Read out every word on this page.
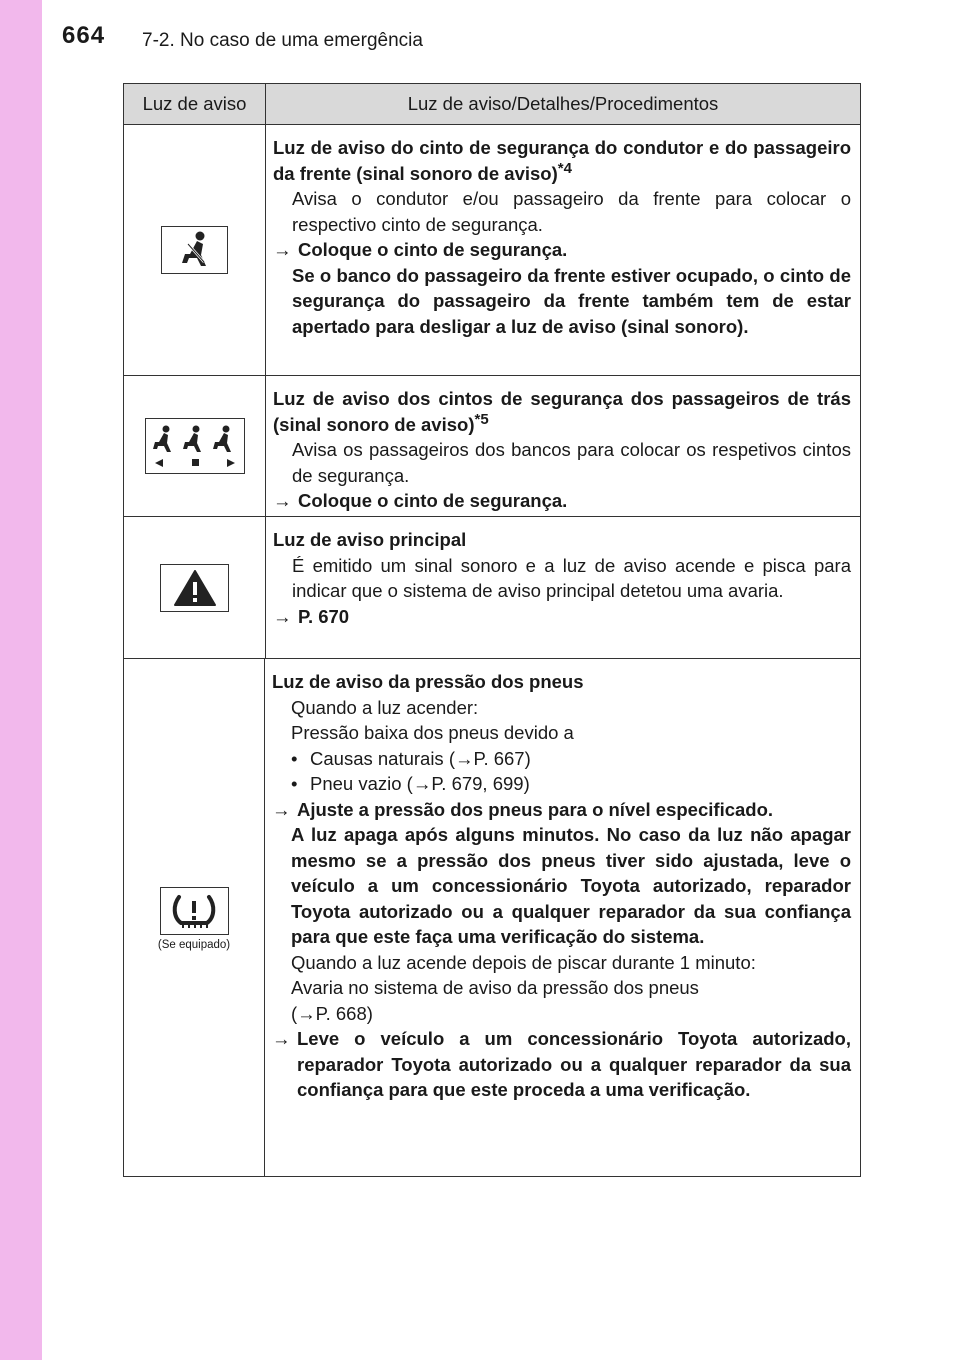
664 7-2. No caso de uma emergência
Luz de aviso	Luz de aviso/Detalhes/Procedimentos
Luz de aviso do cinto de segurança do condutor e do passageiro da frente (sinal sonoro de aviso)$^{*4}$
Avisa o condutor e/ou passageiro da frente para colocar o respectivo cinto de segurança.
→ Coloque o cinto de segurança.
Se o banco do passageiro da frente estiver ocupado, o cinto de segurança do passageiro da frente também tem de estar apertado para desligar a luz de aviso (sinal sonoro).
Luz de aviso dos cintos de segurança dos passageiros de trás (sinal sonoro de aviso)$^{*5}$
Avisa os passageiros dos bancos para colocar os respetivos cintos de segurança.
→ Coloque o cinto de segurança.
Luz de aviso principal
É emitido um sinal sonoro e a luz de aviso acende e pisca para indicar que o sistema de aviso principal detetou uma avaria.
→ P. 670
(Se equipado)
Luz de aviso da pressão dos pneus
Quando a luz acender:
Pressão baixa dos pneus devido a
• Causas naturais (→P. 667)
• Pneu vazio (→P. 679, 699)
→ Ajuste a pressão dos pneus para o nível especificado.
A luz apaga após alguns minutos. No caso da luz não apagar mesmo se a pressão dos pneus tiver sido ajustada, leve o veículo a um concessionário Toyota autorizado, reparador Toyota autorizado ou a qualquer reparador da sua confiança para que este faça uma verificação do sistema.
Quando a luz acende depois de piscar durante 1 minuto:
Avaria no sistema de aviso da pressão dos pneus
(→P. 668)
→ Leve o veículo a um concessionário Toyota autorizado, reparador Toyota autorizado ou a qualquer reparador da sua confiança para que este proceda a uma verificação.
